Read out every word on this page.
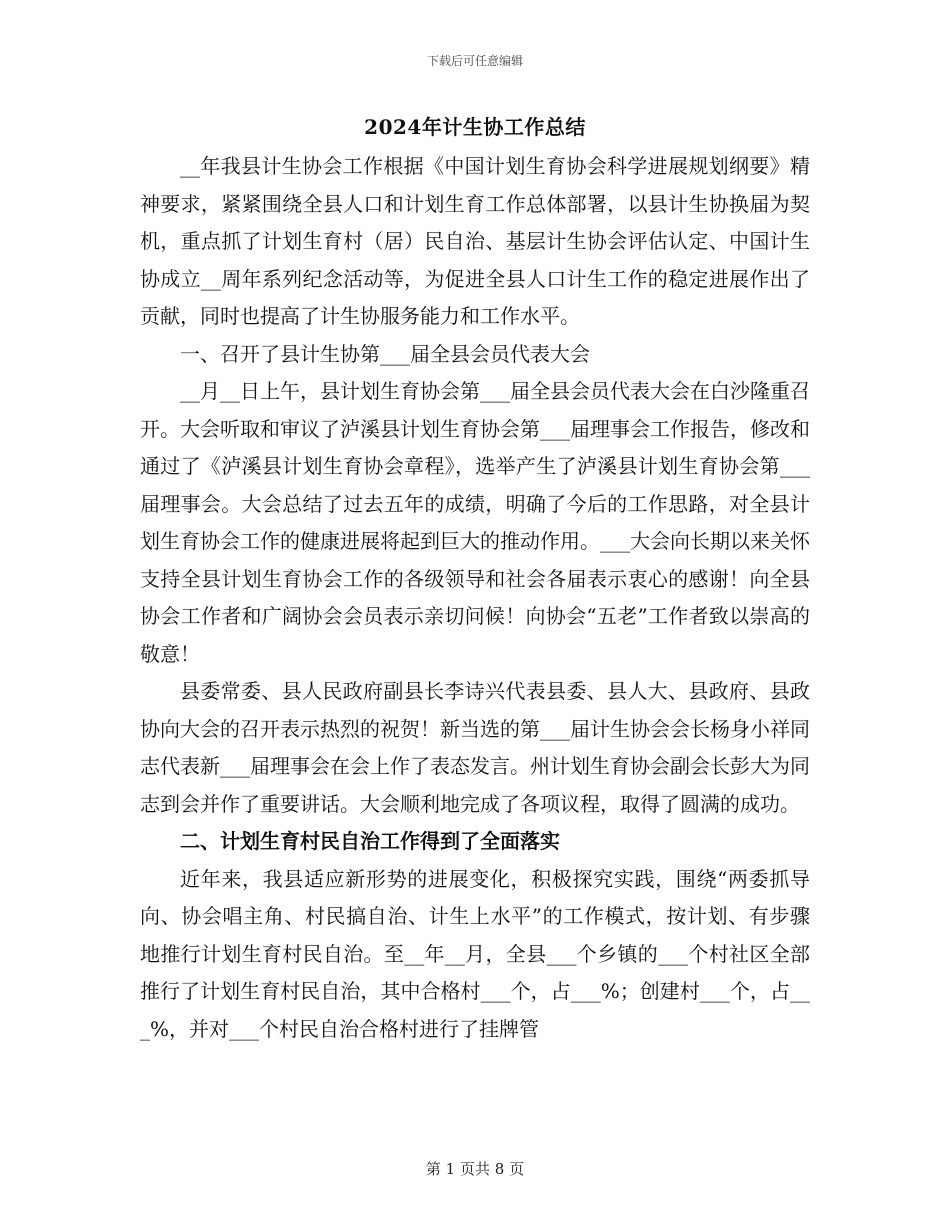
下载后可任意编辑
2024年计生协工作总结

__年我县计生协会工作根据《中国计划生育协会科学进展规划纲要》精神要求，紧紧围绕全县人口和计划生育工作总体部署，以县计生协换届为契机，重点抓了计划生育村（居）民自治、基层计生协会评估认定、中国计生协成立__周年系列纪念活动等，为促进全县人口计生工作的稳定进展作出了贡献，同时也提高了计生协服务能力和工作水平。

一、召开了县计生协第___届全县会员代表大会

__月__日上午，县计划生育协会第___届全县会员代表大会在白沙隆重召开。大会听取和审议了泸溪县计划生育协会第___届理事会工作报告，修改和通过了《泸溪县计划生育协会章程》，选举产生了泸溪县计划生育协会第___届理事会。大会总结了过去五年的成绩，明确了今后的工作思路，对全县计划生育协会工作的健康进展将起到巨大的推动作用。___大会向长期以来关怀支持全县计划生育协会工作的各级领导和社会各届表示衷心的感谢！向全县协会工作者和广阔协会会员表示亲切问候！向协会“五老”工作者致以崇高的敬意！

县委常委、县人民政府副县长李诗兴代表县委、县人大、县政府、县政协向大会的召开表示热烈的祝贺！新当选的第___届计生协会会长杨身小祥同志代表新___届理事会在会上作了表态发言。州计划生育协会副会长彭大为同志到会并作了重要讲话。大会顺利地完成了各项议程，取得了圆满的成功。

二、计划生育村民自治工作得到了全面落实

近年来，我县适应新形势的进展变化，积极探究实践，围绕“两委抓导向、协会唱主角、村民搞自治、计生上水平”的工作模式，按计划、有步骤地推行计划生育村民自治。至__年__月，全县___个乡镇的___个村社区全部推行了计划生育村民自治，其中合格村___个，占___%；创建村___个，占___%，并对___个村民自治合格村进行了挂牌管

第 1 页共 8 页
